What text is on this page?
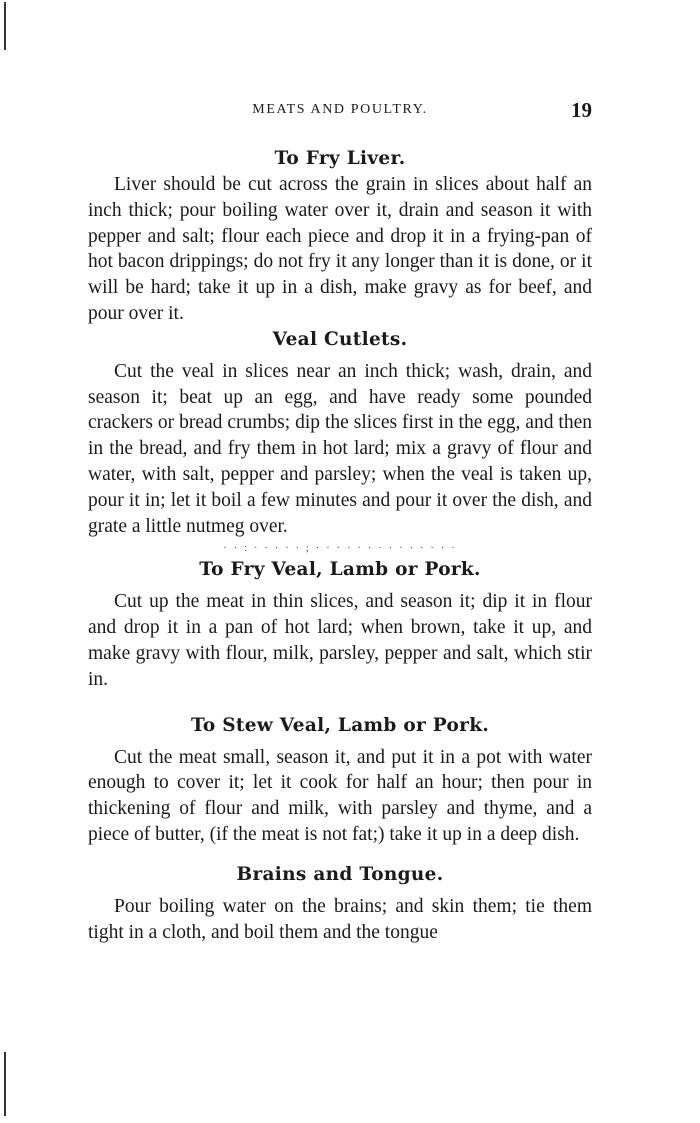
MEATS AND POULTRY.	19
To Fry Liver.

Liver should be cut across the grain in slices about half an inch thick; pour boiling water over it, drain and season it with pepper and salt; flour each piece and drop it in a frying-pan of hot bacon drippings; do not fry it any longer than it is done, or it will be hard; take it up in a dish, make gravy as for beef, and pour over it.

Veal Cutlets.

Cut the veal in slices near an inch thick; wash, drain, and season it; beat up an egg, and have ready some pounded crackers or bread crumbs; dip the slices first in the egg, and then in the bread, and fry them in hot lard; mix a gravy of flour and water, with salt, pepper and parsley; when the veal is taken up, pour it in; let it boil a few minutes and pour it over the dish, and grate a little nutmeg over.

· · : · · · · · ; · · · · · · · · · · · · · ·
To Fry Veal, Lamb or Pork.

Cut up the meat in thin slices, and season it; dip it in flour and drop it in a pan of hot lard; when brown, take it up, and make gravy with flour, milk, parsley, pepper and salt, which stir in.

To Stew Veal, Lamb or Pork.

Cut the meat small, season it, and put it in a pot with water enough to cover it; let it cook for half an hour; then pour in thickening of flour and milk, with parsley and thyme, and a piece of butter, (if the meat is not fat;) take it up in a deep dish.

Brains and Tongue.

Pour boiling water on the brains; and skin them; tie them tight in a cloth, and boil them and the tongue
